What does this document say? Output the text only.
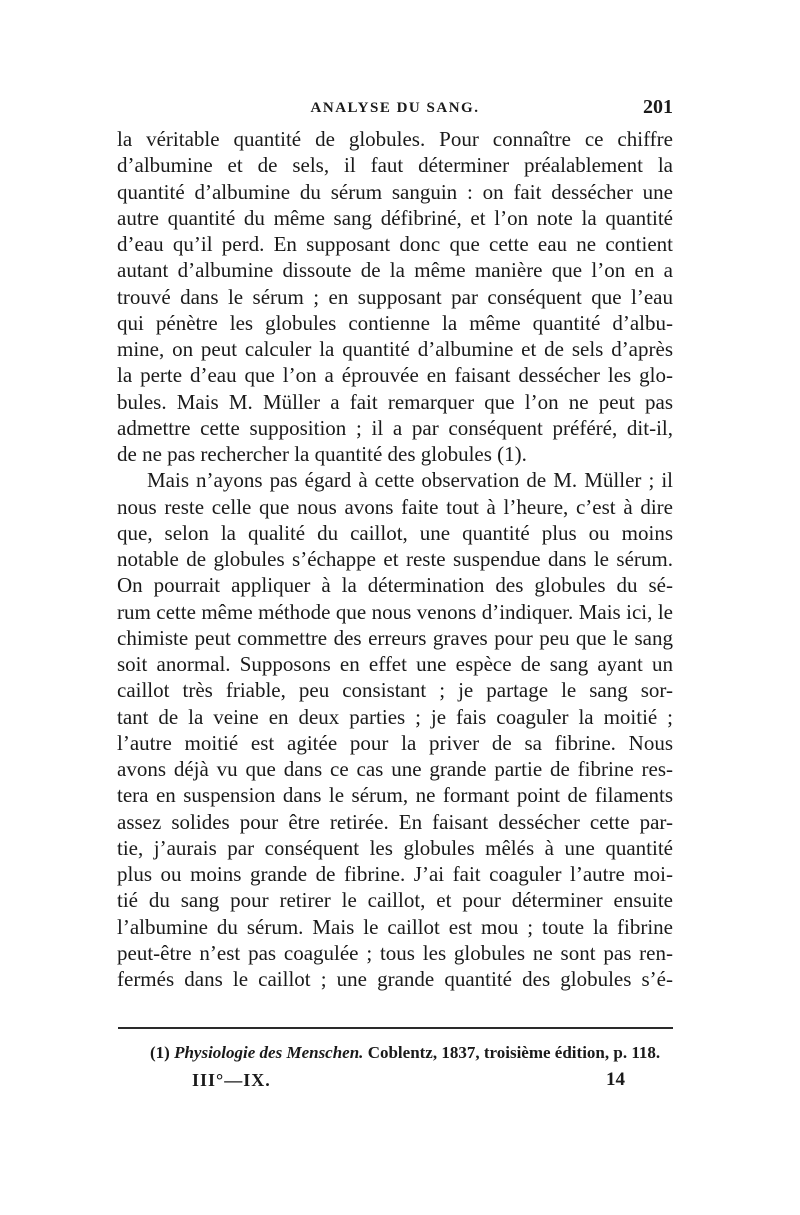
ANALYSE DU SANG.	201
la véritable quantité de globules. Pour connaître ce chiffre
d’albumine et de sels, il faut déterminer préalablement la
quantité d’albumine du sérum sanguin : on fait dessécher une
autre quantité du même sang défibriné, et l’on note la quantité
d’eau qu’il perd. En supposant donc que cette eau ne contient
autant d’albumine dissoute de la même manière que l’on en a
trouvé dans le sérum ; en supposant par conséquent que l’eau
qui pénètre les globules contienne la même quantité d’albu-
mine, on peut calculer la quantité d’albumine et de sels d’après
la perte d’eau que l’on a éprouvée en faisant dessécher les glo-
bules. Mais M. Müller a fait remarquer que l’on ne peut pas
admettre cette supposition ; il a par conséquent préféré, dit-il,
de ne pas rechercher la quantité des globules (1).
Mais n’ayons pas égard à cette observation de M. Müller ; il
nous reste celle que nous avons faite tout à l’heure, c’est à dire
que, selon la qualité du caillot, une quantité plus ou moins
notable de globules s’échappe et reste suspendue dans le sérum.
On pourrait appliquer à la détermination des globules du sé-
rum cette même méthode que nous venons d’indiquer. Mais ici, le
chimiste peut commettre des erreurs graves pour peu que le sang
soit anormal. Supposons en effet une espèce de sang ayant un
caillot très friable, peu consistant ; je partage le sang sor-
tant de la veine en deux parties ; je fais coaguler la moitié ;
l’autre moitié est agitée pour la priver de sa fibrine. Nous
avons déjà vu que dans ce cas une grande partie de fibrine res-
tera en suspension dans le sérum, ne formant point de filaments
assez solides pour être retirée. En faisant dessécher cette par-
tie, j’aurais par conséquent les globules mêlés à une quantité
plus ou moins grande de fibrine. J’ai fait coaguler l’autre moi-
tié du sang pour retirer le caillot, et pour déterminer ensuite
l’albumine du sérum. Mais le caillot est mou ; toute la fibrine
peut-être n’est pas coagulée ; tous les globules ne sont pas ren-
fermés dans le caillot ; une grande quantité des globules s’é-
(1) Physiologie des Menschen. Coblentz, 1837, troisième édition, p. 118.
III°—IX.	14
